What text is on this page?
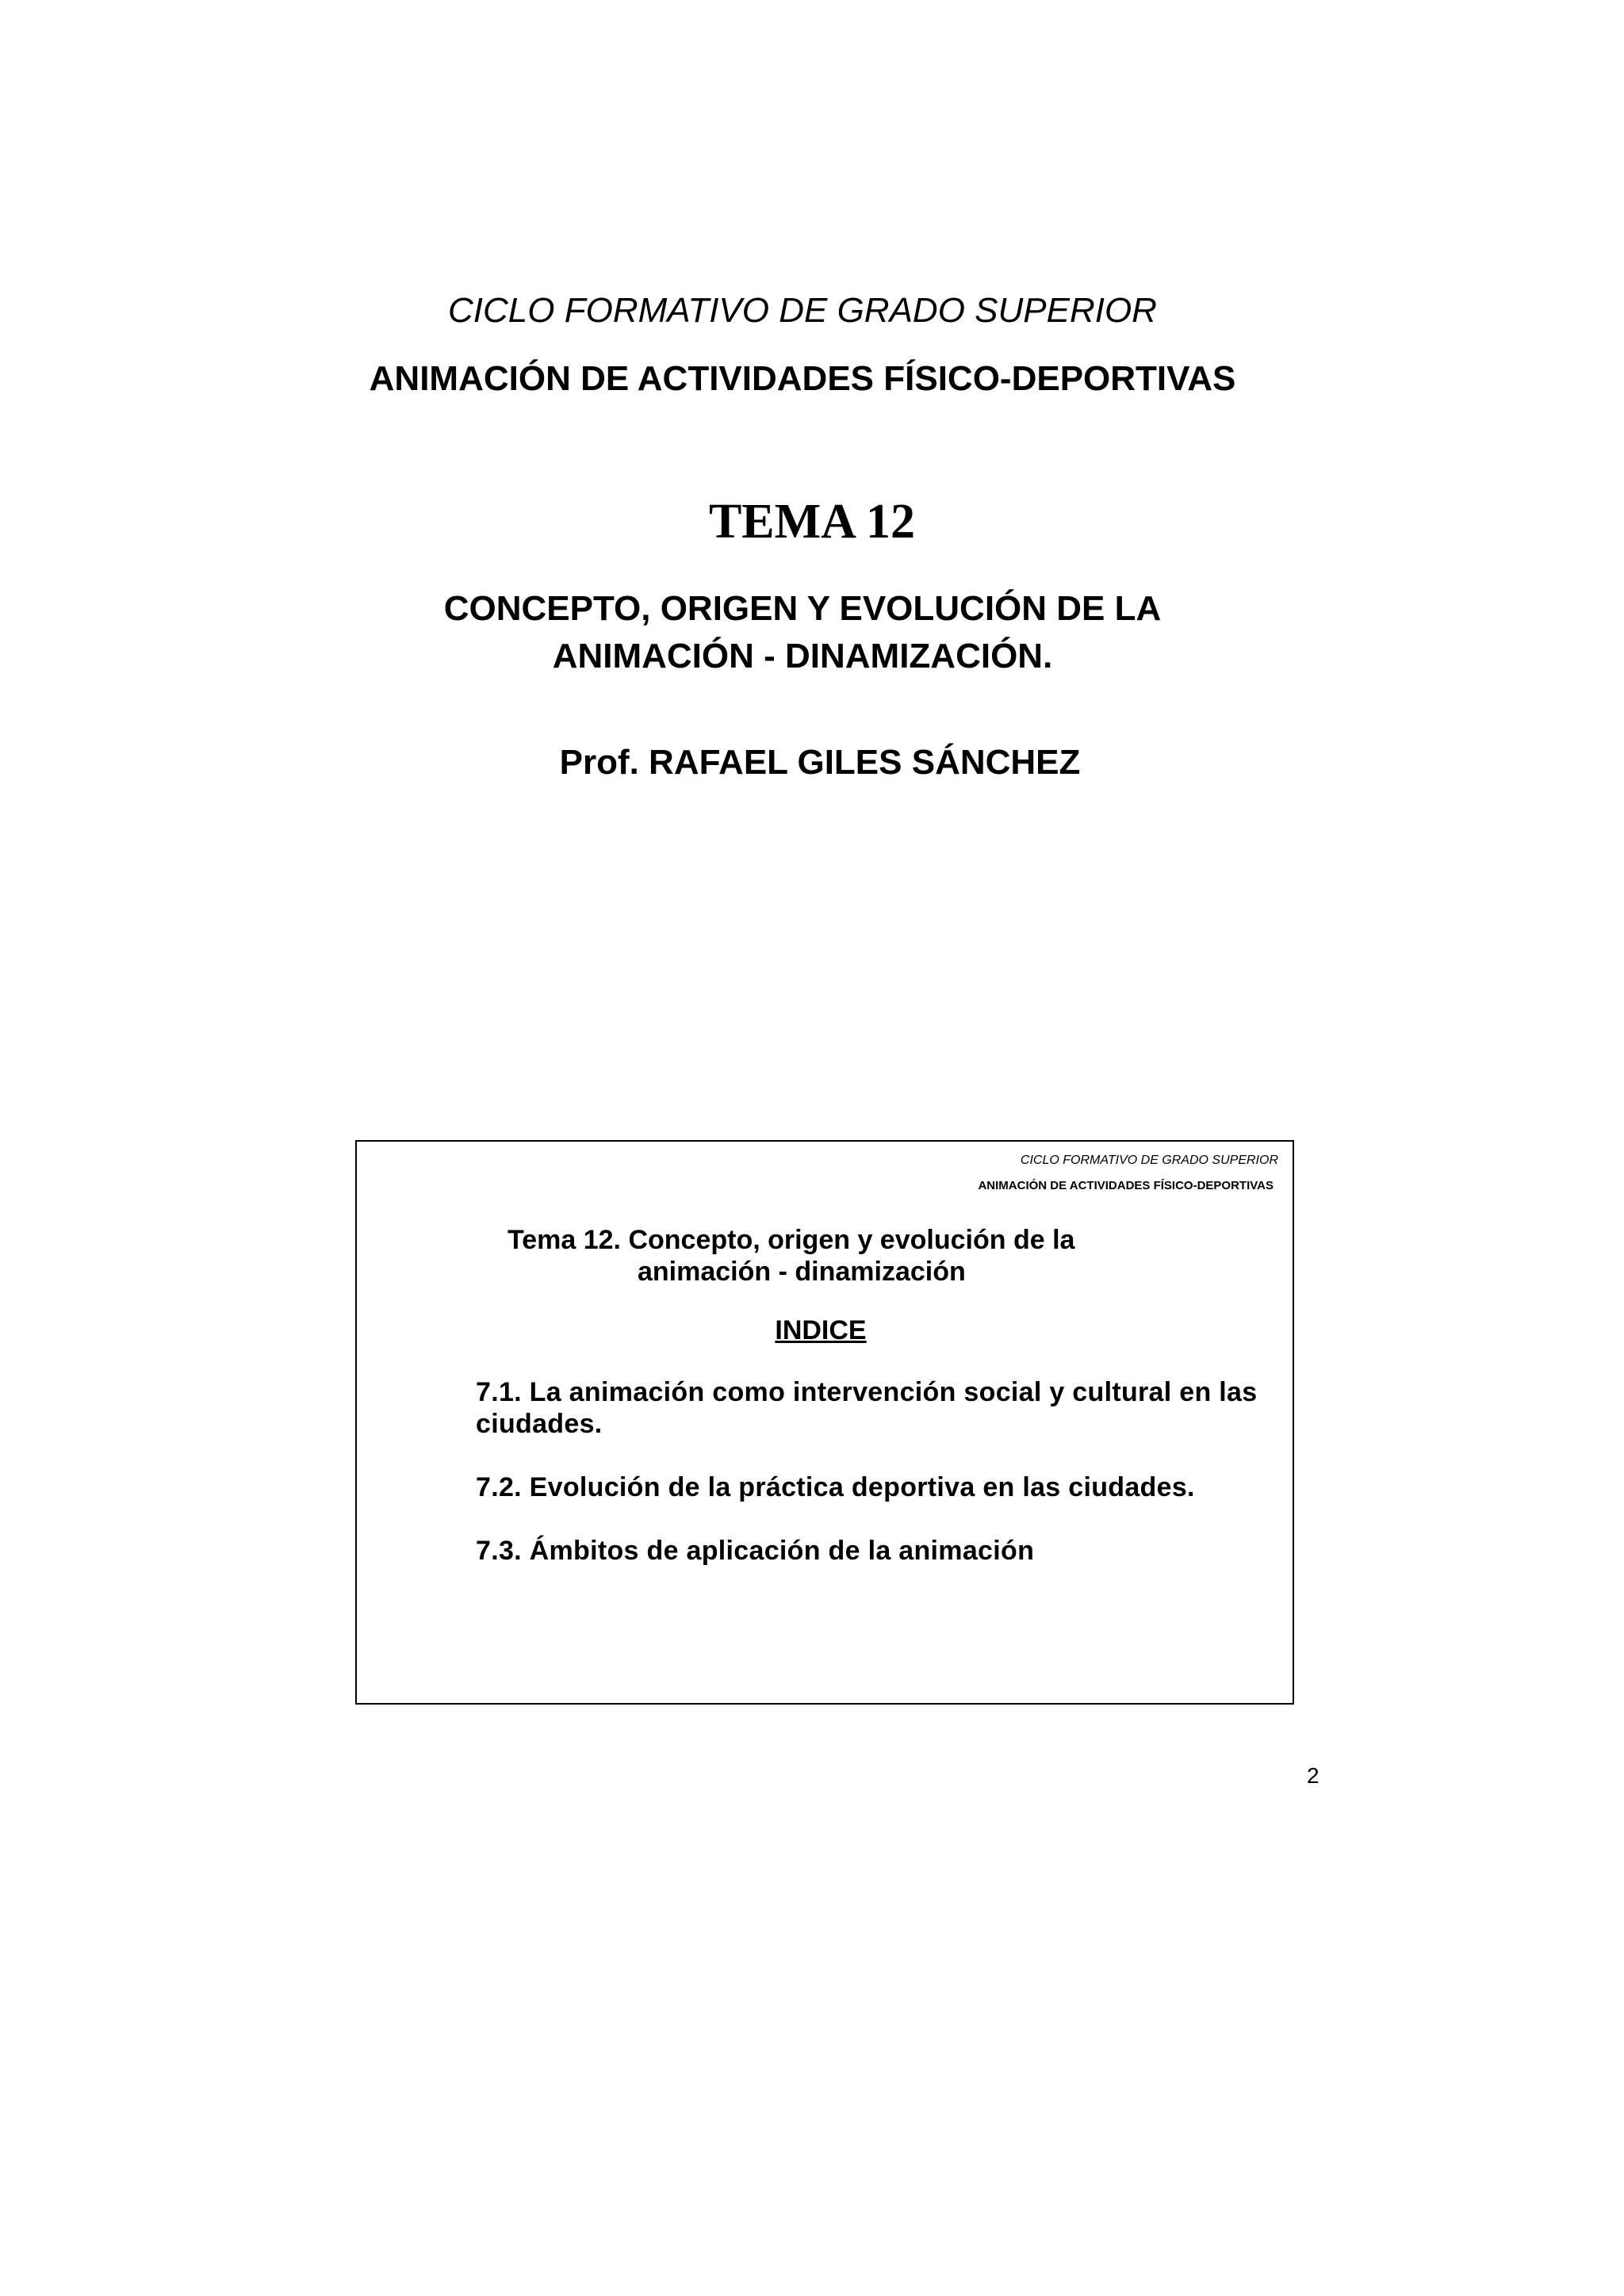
CICLO FORMATIVO DE GRADO SUPERIOR
ANIMACIÓN DE ACTIVIDADES FÍSICO-DEPORTIVAS
TEMA 12
CONCEPTO, ORIGEN Y EVOLUCIÓN DE LA
ANIMACIÓN - DINAMIZACIÓN.
Prof. RAFAEL GILES SÁNCHEZ
CICLO FORMATIVO DE GRADO SUPERIOR
ANIMACIÓN DE ACTIVIDADES FÍSICO-DEPORTIVAS
Tema 12. Concepto, origen y evolución de la
animación - dinamización
INDICE
7.1. La animación como intervención social y cultural en las ciudades.
7.2. Evolución de la práctica deportiva en las ciudades.
7.3. Ámbitos de aplicación de la animación
2
